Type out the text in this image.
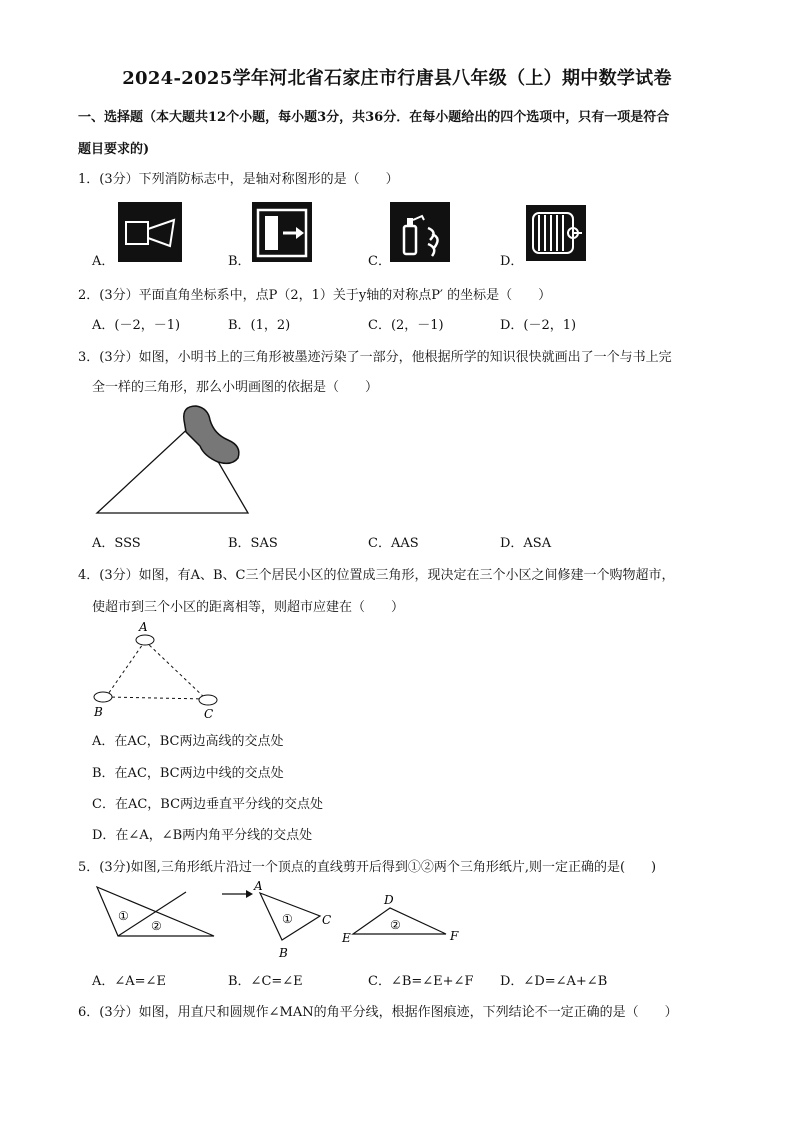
2024-2025学年河北省石家庄市行唐县八年级（上）期中数学试卷
一、选择题（本大题共12个小题，每小题3分，共36分．在每小题给出的四个选项中，只有一项是符合
题目要求的)
1．(3分）下列消防标志中，是轴对称图形的是（　　）
A．	B．	C．	D．
2．(3分）平面直角坐标系中，点P（2，1）关于y轴的对称点P′ 的坐标是（　　）
A．(－2，－1)	B．(1，2)	C．(2，－1)	D．(－2，1)
3．(3分）如图，小明书上的三角形被墨迹污染了一部分，他根据所学的知识很快就画出了一个与书上完
全一样的三角形，那么小明画图的依据是（　　）
A．SSS	B．SAS	C．AAS	D．ASA
4．(3分）如图，有A、B、C三个居民小区的位置成三角形，现决定在三个小区之间修建一个购物超市，
使超市到三个小区的距离相等，则超市应建在（　　）
A
B	C
A．在AC，BC两边高线的交点处
B．在AC，BC两边中线的交点处
C．在AC，BC两边垂直平分线的交点处
D．在∠A，∠B两内角平分线的交点处
5．(3分)如图,三角形纸片沿过一个顶点的直线剪开后得到①②两个三角形纸片,则一定正确的是(　　)
①
②
A
C
B
①
D
E	F
②
A．∠A=∠E	B．∠C=∠E	C．∠B=∠E+∠F D．∠D=∠A+∠B
6．(3分）如图，用直尺和圆规作∠MAN的角平分线，根据作图痕迹，下列结论不一定正确的是（　　）
